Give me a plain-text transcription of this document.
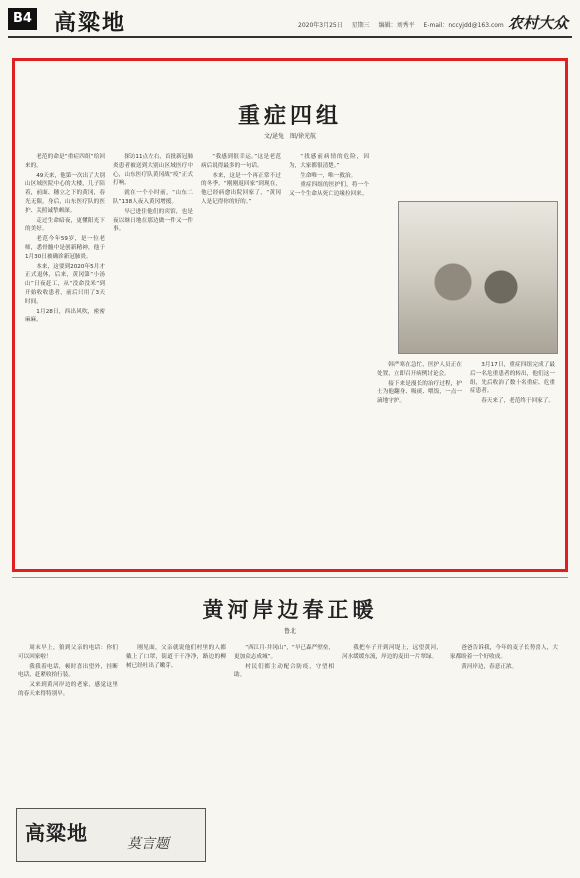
B4 高粱地	2020年3月25日 星期三 编辑：刘秀平 E-mail：nccyjdd@163.com 农村大众
重症四组
文/逯兔　图/徐光航

老范的命是“重症四组”给回来的。

49天来，他第一次出了大别山区域医院中心的大楼，儿子陪着，前面、穗立之下的黄冈，春光无限，身后，山东医疗队的医护、关照诚挚颇深。

走过生命暗夜，更懂阳光下的美好。

老范今年59岁，是一位老师，悉骨髓中是创新精神，他于1月30日被确诊新冠肺炎。

本来，这要到2020年5月才正式退休，后来，黄冈第“小汤山”日夜赶工，从“没命没米”到开始收收患者，前后只用了3天时间。

1月28日，西出风吹，密密麻麻。

探访11点左右，首批新冠肺炎患者被送到大别山区域医疗中心，山东医疗队黄冈战“疫”正式打响。

就在一个小时前，“山东二队”138人夜入黄冈增援。

早已进住他们的宾馆，也是夜以继日地在那边做一件又一件事。

“我感到很幸运。”这是老范病后说得最多的一句话。

本来，这是一个再正常不过的冬季，“刚刚返回家”到现在，他已经病愈出院回家了，“黄冈人是记得你的好的。”

“找感前病情的危险，因为，大家都很清楚。”

生命唯一，唯一救治。

重症四组的医护们，将一个又一个生命从死亡边缘拉回来。

韩严寒在急忙，医护人员正在处置，立即召开病例讨论会。

接下来是漫长的治疗过程，护士为他翻身、吸痰、喂饭，一点一滴地守护。

3月17日，重症四组完成了最后一名危重患者的转出，他们这一组，先后收治了数十名重症、危重症患者。

春天来了，老范终于回家了。

黄河岸边春正暖
鲁北

周末早上，狼到父亲的电话：你们可以回家啦！

我我着电话，顿时喜出望外，挂断电话，赶紧收拾行装。

又来到黄河岸边的老家，感觉这里的春天来得特别早。

刚见面，父亲就说他们村里的人都戴上了口罩，街道干干净净，路边的柳树已经吐出了嫩芽。

“西江月·井冈山”，“早已森严壁垒，更加众志成城”。

村民们都主动配合防疫，守望相助。

我把车子开到河堤上，远望黄河，河水缓缓东流，岸边的麦田一片翠绿。

爸爸告诉我，今年的麦子长势喜人，大家都盼着一个好收成。

黄河岸边，春意正浓。

高粱地	莫言题
